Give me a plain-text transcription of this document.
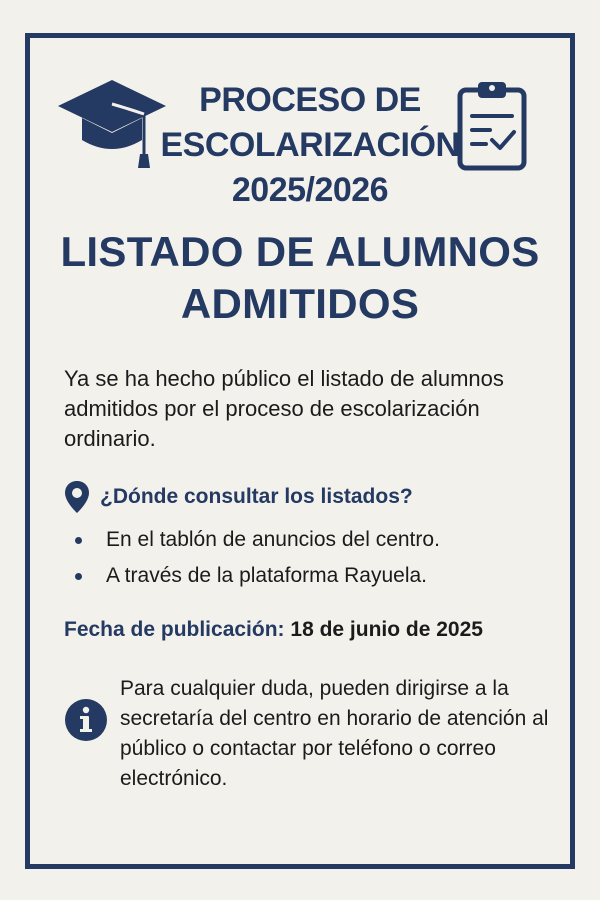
PROCESO DE
ESCOLARIZACIÓN
2025/2026
LISTADO DE ALUMNOS
ADMITIDOS
Ya se ha hecho público el listado de alumnos admitidos por el proceso de escolarización ordinario.
¿Dónde consultar los listados?
En el tablón de anuncios del centro.
A través de la plataforma Rayuela.
Fecha de publicación: 18 de junio de 2025
Para cualquier duda, pueden dirigirse a la secretaría del centro en horario de atención al público o contactar por teléfono o correo electrónico.
